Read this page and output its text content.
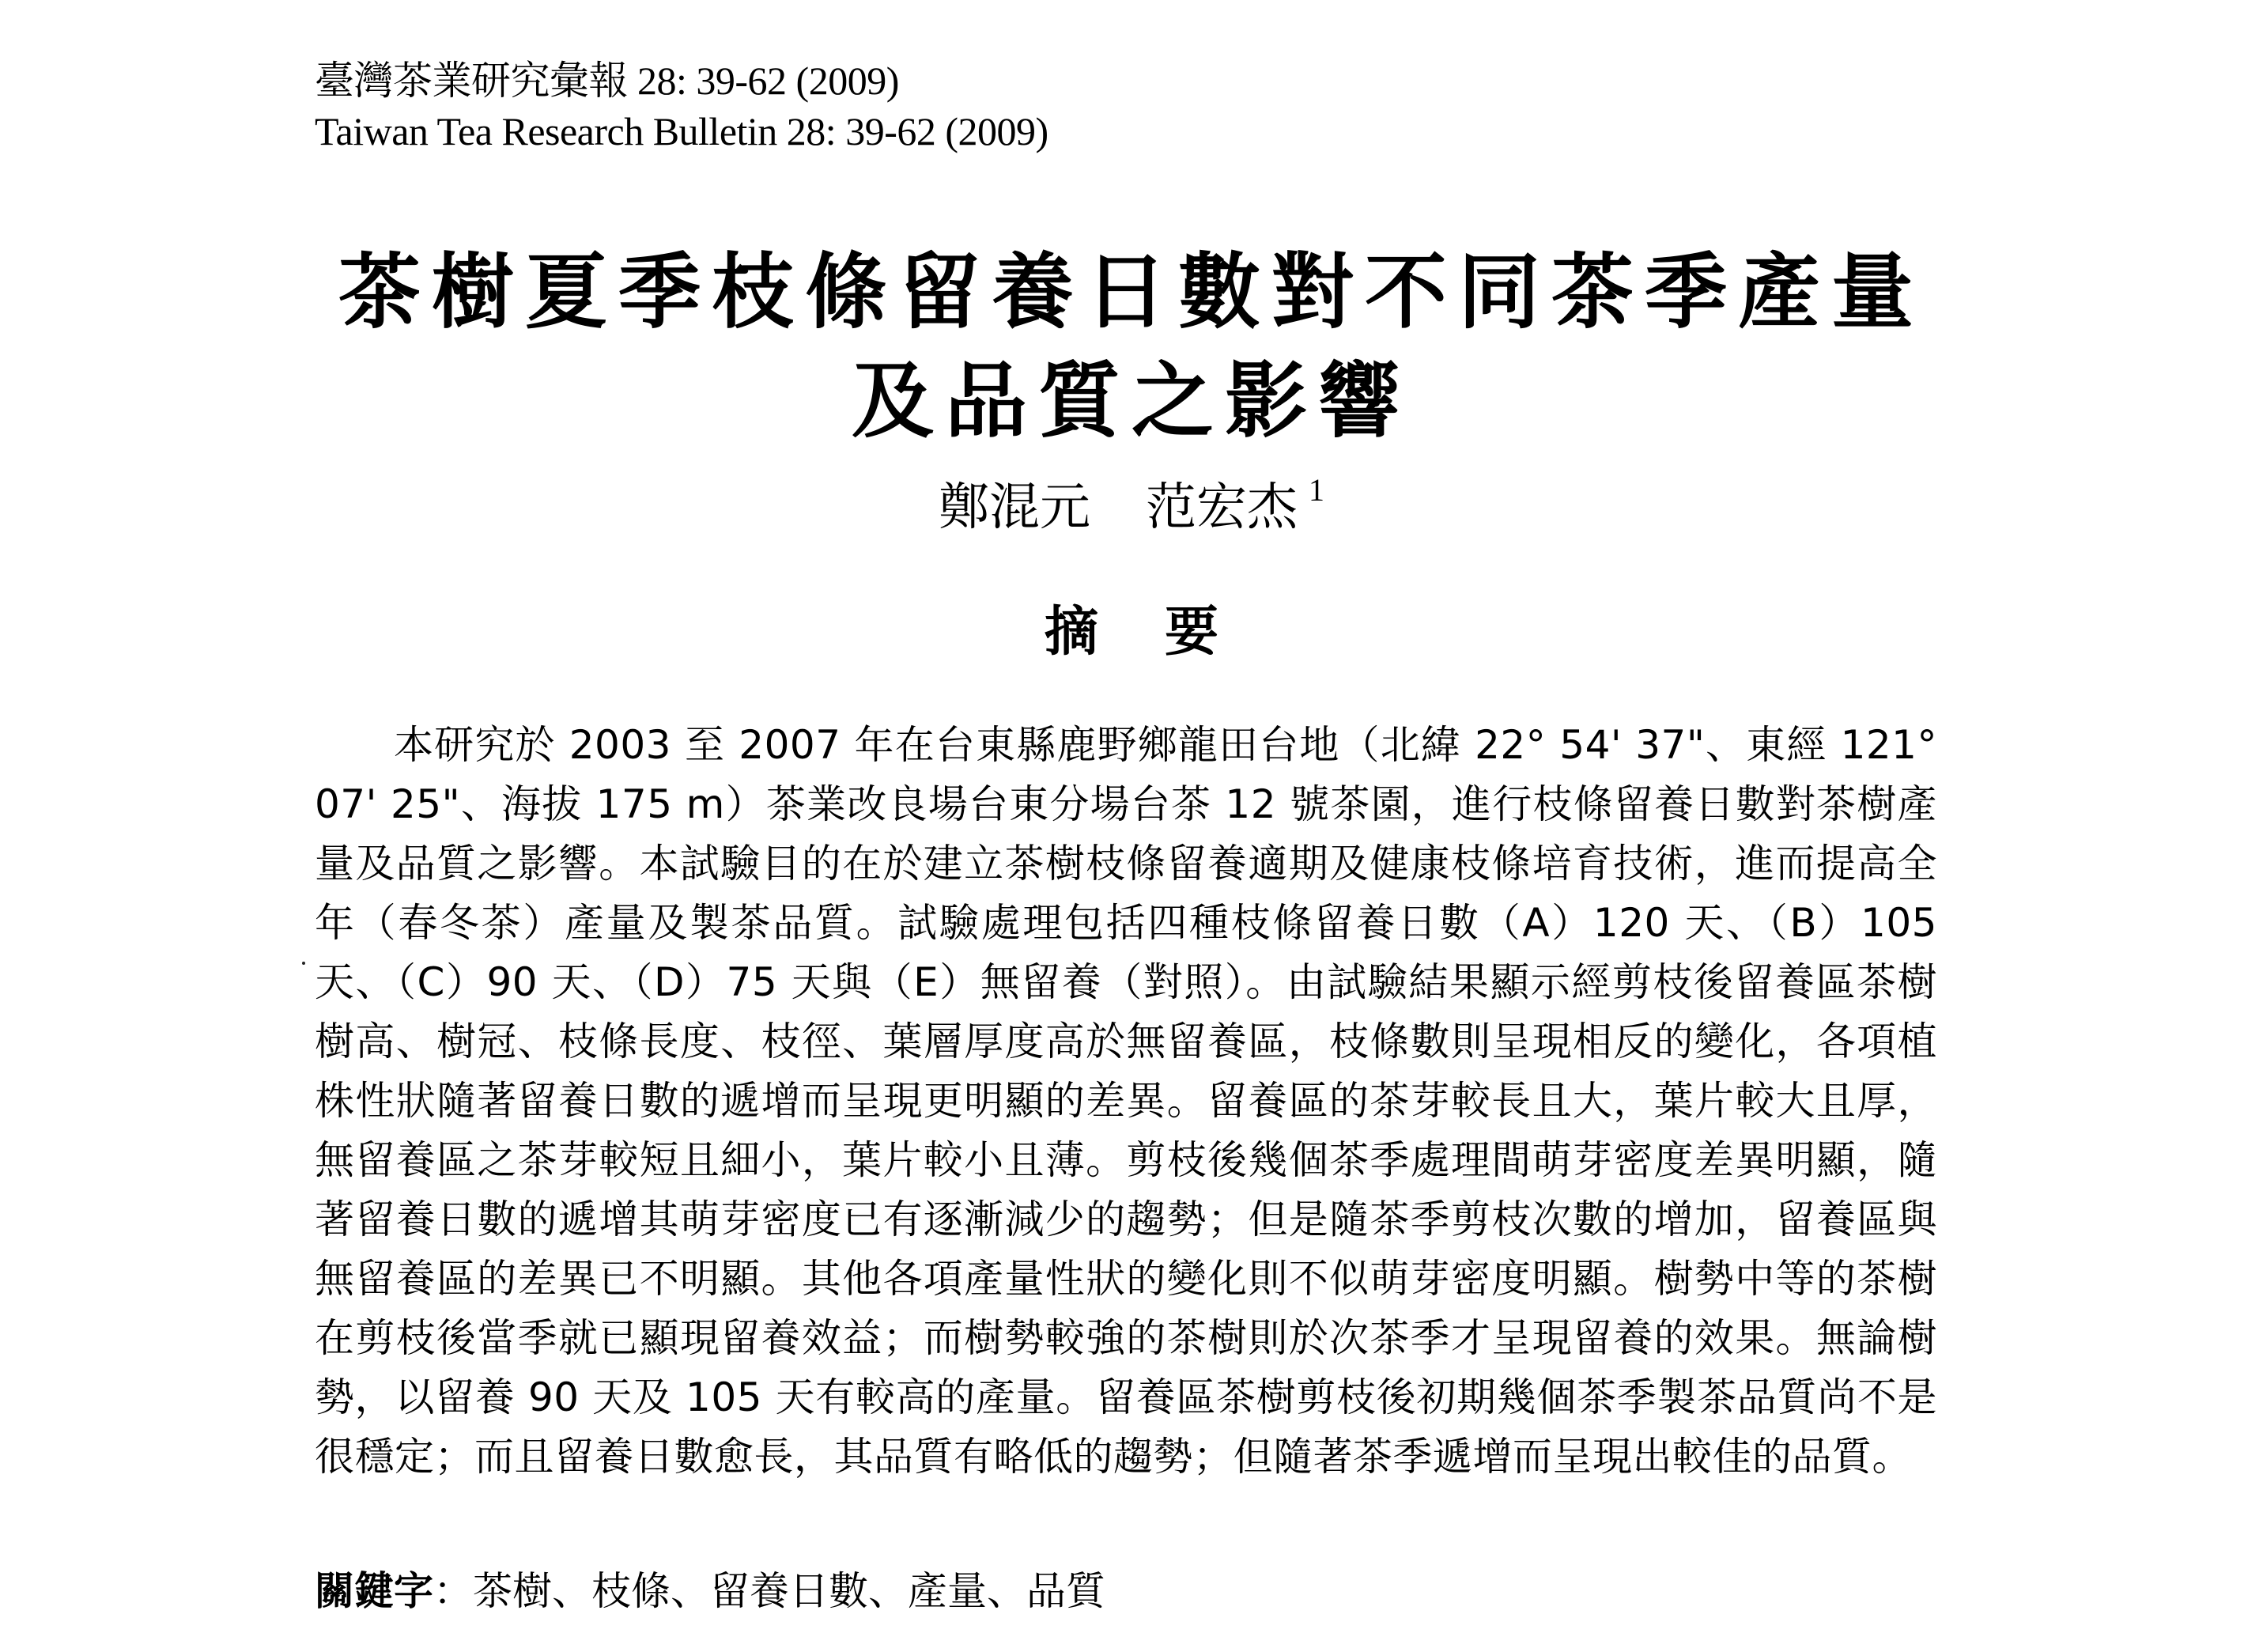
臺灣茶業研究彙報 28: 39-62 (2009)
Taiwan Tea Research Bulletin 28: 39-62 (2009)
茶樹夏季枝條留養日數對不同茶季產量
及品質之影響
鄭混元 范宏杰 $^1$
摘 要
本研究於 2003 至 2007 年在台東縣鹿野鄉龍田台地（北緯 22° 54' 37"、東經 121° 07' 25"、海拔 175 m）茶業改良場台東分場台茶 12 號茶園，進行枝條留養日數對茶樹產量及品質之影響。本試驗目的在於建立茶樹枝條留養適期及健康枝條培育技術，進而提高全年（春冬茶）產量及製茶品質。試驗處理包括四種枝條留養日數（A）120 天、（B）105 天、（C）90 天、（D）75 天與（E）無留養（對照）。由試驗結果顯示經剪枝後留養區茶樹樹高、樹冠、枝條長度、枝徑、葉層厚度高於無留養區，枝條數則呈現相反的變化，各項植株性狀隨著留養日數的遞增而呈現更明顯的差異。留養區的茶芽較長且大，葉片較大且厚，無留養區之茶芽較短且細小，葉片較小且薄。剪枝後幾個茶季處理間萌芽密度差異明顯，隨著留養日數的遞增其萌芽密度已有逐漸減少的趨勢；但是隨茶季剪枝次數的增加，留養區與無留養區的差異已不明顯。其他各項產量性狀的變化則不似萌芽密度明顯。樹勢中等的茶樹在剪枝後當季就已顯現留養效益；而樹勢較強的茶樹則於次茶季才呈現留養的效果。無論樹勢，以留養 90 天及 105 天有較高的產量。留養區茶樹剪枝後初期幾個茶季製茶品質尚不是很穩定；而且留養日數愈長，其品質有略低的趨勢；但隨著茶季遞增而呈現出較佳的品質。
關鍵字：茶樹、枝條、留養日數、產量、品質
